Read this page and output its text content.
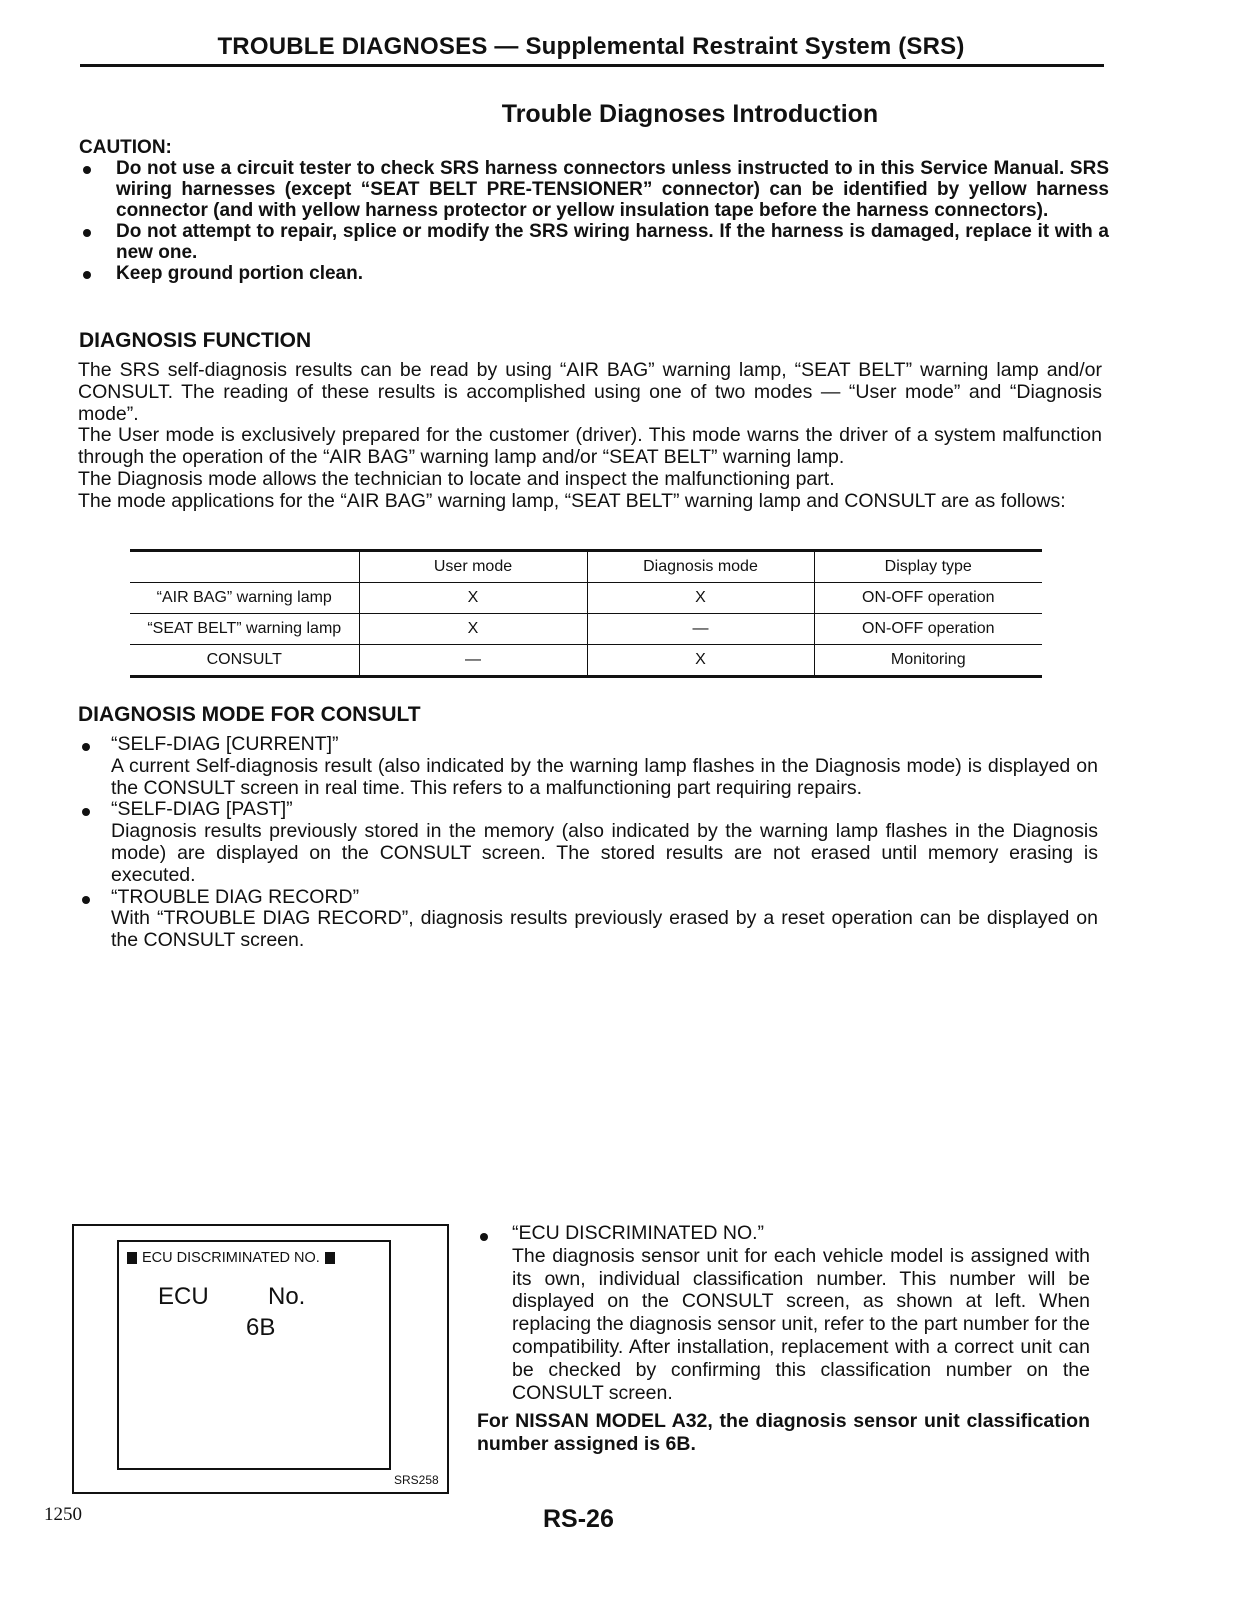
TROUBLE DIAGNOSES — Supplemental Restraint System (SRS)
Trouble Diagnoses Introduction
CAUTION:
Do not use a circuit tester to check SRS harness connectors unless instructed to in this Service Manual. SRS wiring harnesses (except “SEAT BELT PRE-TENSIONER” connector) can be identified by yellow harness connector (and with yellow harness protector or yellow insulation tape before the harness connectors).
Do not attempt to repair, splice or modify the SRS wiring harness. If the harness is damaged, replace it with a new one.
Keep ground portion clean.
DIAGNOSIS FUNCTION

The SRS self-diagnosis results can be read by using “AIR BAG” warning lamp, “SEAT BELT” warning lamp and/or CONSULT. The reading of these results is accomplished using one of two modes — “User mode” and “Diagnosis mode”.

The User mode is exclusively prepared for the customer (driver). This mode warns the driver of a system malfunction through the operation of the “AIR BAG” warning lamp and/or “SEAT BELT” warning lamp.

The Diagnosis mode allows the technician to locate and inspect the malfunctioning part.

The mode applications for the “AIR BAG” warning lamp, “SEAT BELT” warning lamp and CONSULT are as follows:

	User mode	Diagnosis mode	Display type
“AIR BAG” warning lamp	X	X	ON-OFF operation
“SEAT BELT” warning lamp	X	—	ON-OFF operation
CONSULT	—	X	Monitoring
DIAGNOSIS MODE FOR CONSULT
“SELF-DIAG [CURRENT]”
A current Self-diagnosis result (also indicated by the warning lamp flashes in the Diagnosis mode) is displayed on the CONSULT screen in real time. This refers to a malfunctioning part requiring repairs.
“SELF-DIAG [PAST]”
Diagnosis results previously stored in the memory (also indicated by the warning lamp flashes in the Diagnosis mode) are displayed on the CONSULT screen. The stored results are not erased until memory erasing is executed.
“TROUBLE DIAG RECORD”
With “TROUBLE DIAG RECORD”, diagnosis results previously erased by a reset operation can be displayed on the CONSULT screen.
ECU DISCRIMINATED NO.
ECU No.
6B
SRS258
“ECU DISCRIMINATED NO.”
The diagnosis sensor unit for each vehicle model is assigned with its own, individual classification number. This number will be displayed on the CONSULT screen, as shown at left. When replacing the diagnosis sensor unit, refer to the part number for the compatibility. After installation, replacement with a correct unit can be checked by confirming this classification number on the CONSULT screen.
For NISSAN MODEL A32, the diagnosis sensor unit classification number assigned is 6B.
1250	RS-26
